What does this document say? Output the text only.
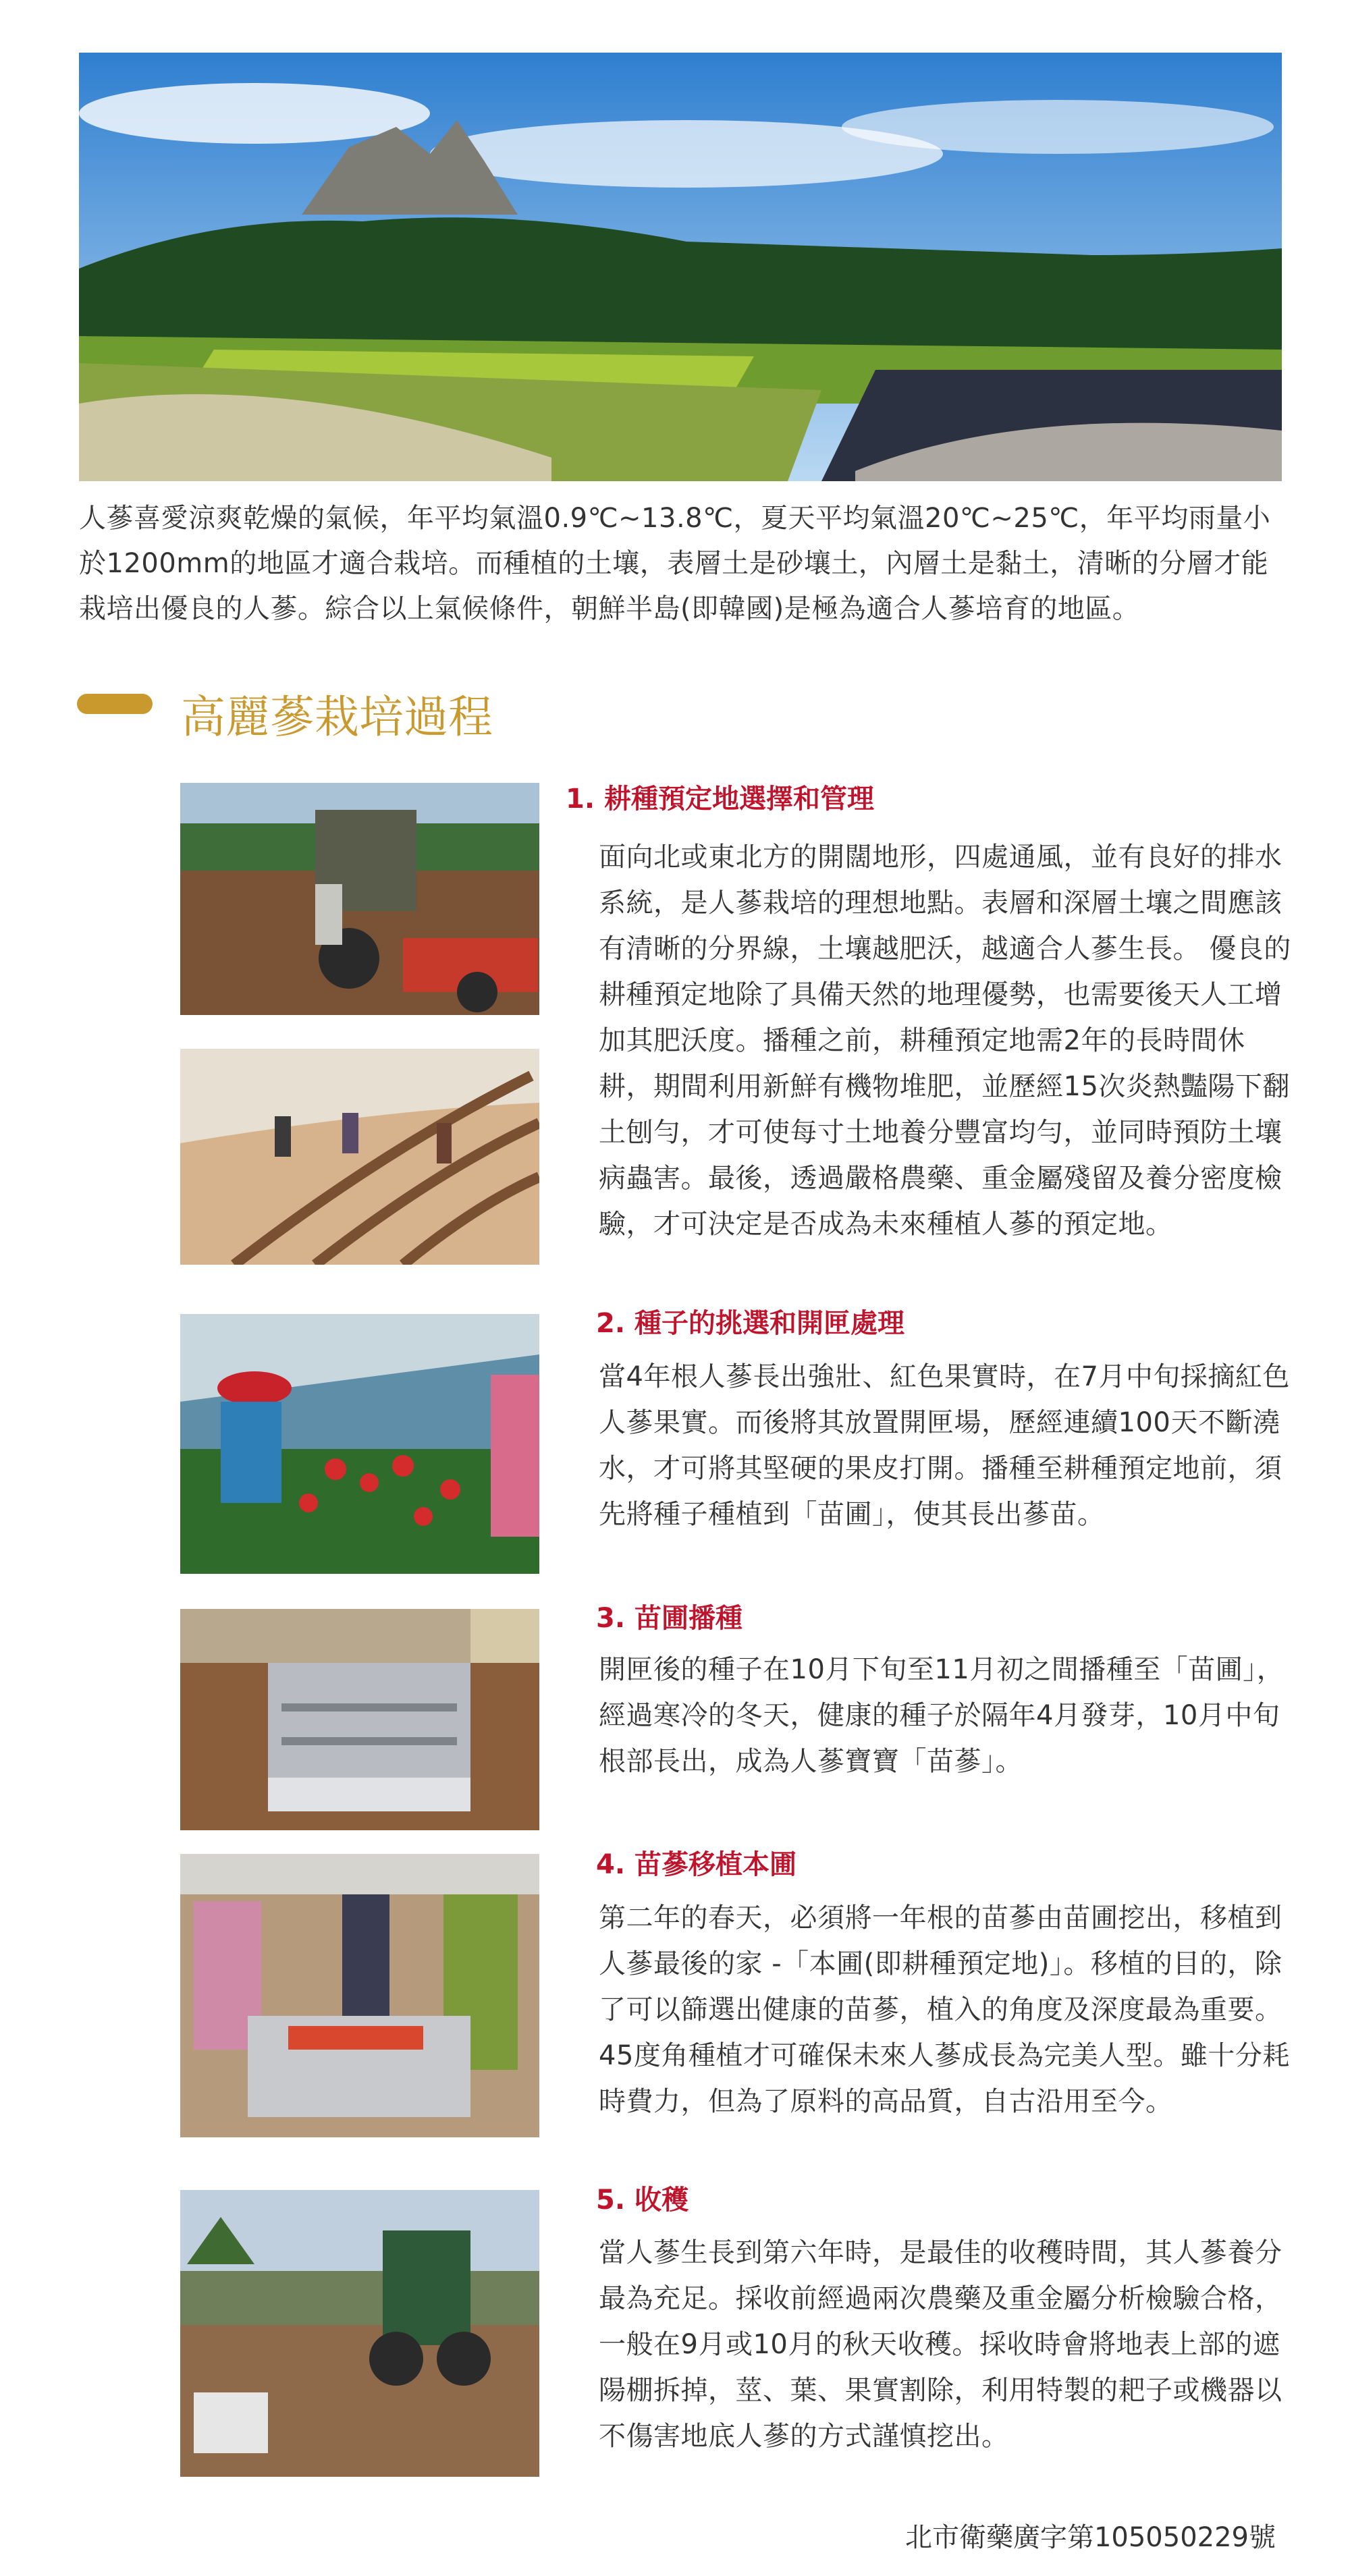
人蔘喜愛涼爽乾燥的氣候，年平均氣溫0.9℃~13.8℃，夏天平均氣溫20℃~25℃，年平均雨量小於1200mm的地區才適合栽培。而種植的土壤，表層土是砂壤土，內層土是黏土，清晰的分層才能栽培出優良的人蔘。綜合以上氣候條件，朝鮮半島(即韓國)是極為適合人蔘培育的地區。
高麗蔘栽培過程
1. 耕種預定地選擇和管理
面向北或東北方的開闊地形，四處通風，並有良好的排水系統，是人蔘栽培的理想地點。表層和深層土壤之間應該有清晰的分界線，土壤越肥沃，越適合人蔘生長。 優良的耕種預定地除了具備天然的地理優勢，也需要後天人工增加其肥沃度。播種之前，耕種預定地需2年的長時間休耕，期間利用新鮮有機物堆肥，並歷經15次炎熱豔陽下翻土刨勻，才可使每寸土地養分豐富均勻，並同時預防土壤病蟲害。最後，透過嚴格農藥、重金屬殘留及養分密度檢驗，才可決定是否成為未來種植人蔘的預定地。
2. 種子的挑選和開匣處理
當4年根人蔘長出強壯、紅色果實時，在7月中旬採摘紅色人蔘果實。而後將其放置開匣場，歷經連續100天不斷澆水，才可將其堅硬的果皮打開。播種至耕種預定地前，須先將種子種植到「苗圃」，使其長出蔘苗。
3. 苗圃播種
開匣後的種子在10月下旬至11月初之間播種至「苗圃」，經過寒冷的冬天，健康的種子於隔年4月發芽，10月中旬根部長出，成為人蔘寶寶「苗蔘」。
4. 苗蔘移植本圃
第二年的春天，必須將一年根的苗蔘由苗圃挖出，移植到人蔘最後的家 -「本圃(即耕種預定地)」。移植的目的，除了可以篩選出健康的苗蔘，植入的角度及深度最為重要。45度角種植才可確保未來人蔘成長為完美人型。雖十分耗時費力，但為了原料的高品質，自古沿用至今。
5. 收穫
當人蔘生長到第六年時，是最佳的收穫時間，其人蔘養分最為充足。採收前經過兩次農藥及重金屬分析檢驗合格，一般在9月或10月的秋天收穫。採收時會將地表上部的遮陽棚拆掉，莖、葉、果實割除，利用特製的耙子或機器以不傷害地底人蔘的方式謹慎挖出。
北市衛藥廣字第105050229號
